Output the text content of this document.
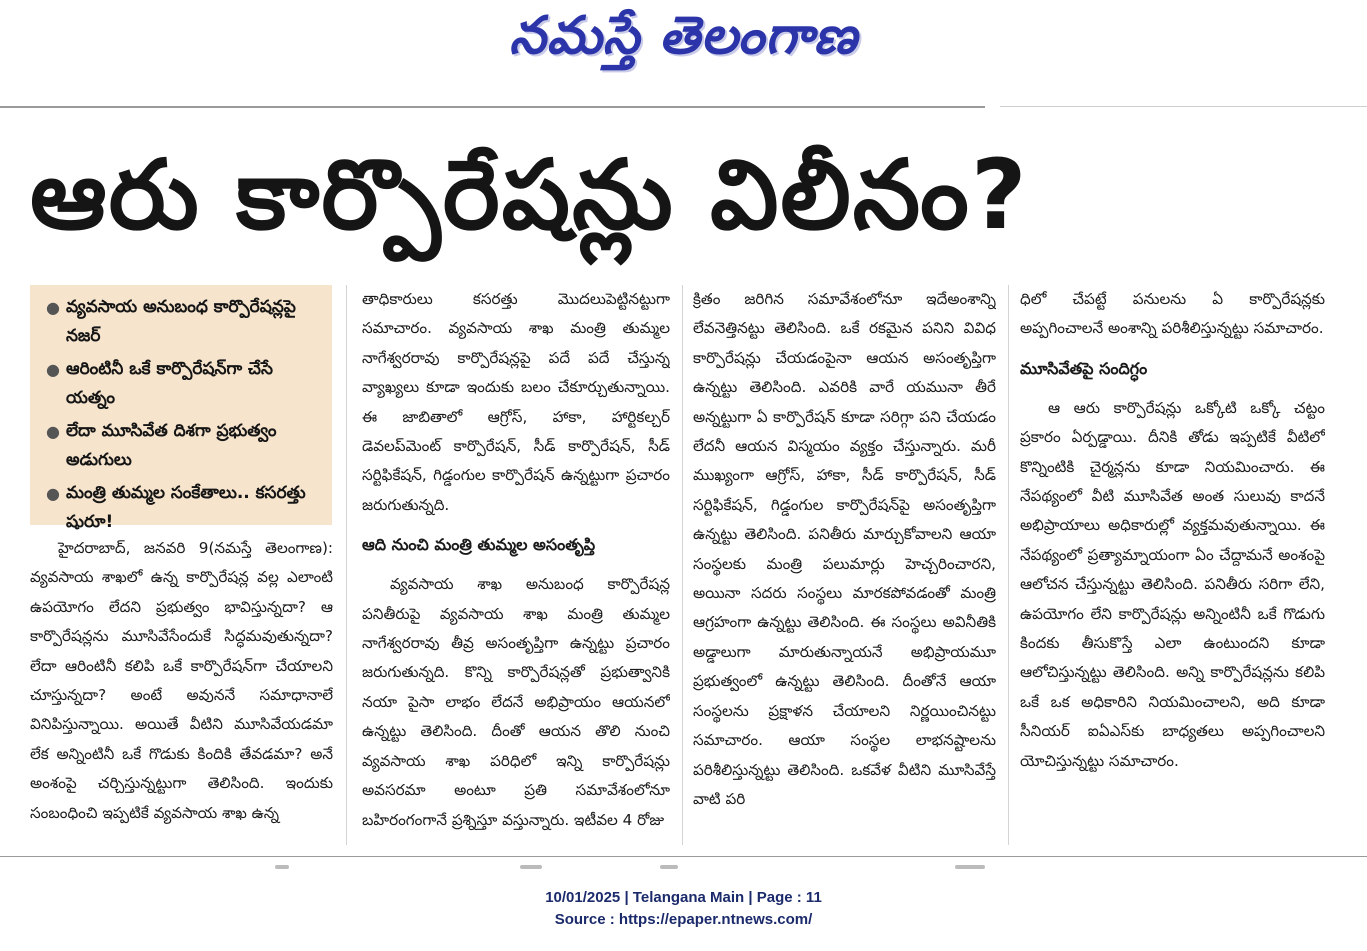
నమస్తే తెలంగాణ
ఆరు కార్పొరేషన్లు విలీనం?
● వ్యవసాయ అనుబంధ కార్పొరేషన్లపై నజర్
● ఆరింటినీ ఒకే కార్పొరేషన్‌గా చేసే యత్నం
● లేదా మూసివేత దిశగా ప్రభుత్వం అడుగులు
● మంత్రి తుమ్మల సంకేతాలు.. కసరత్తు షురూ!

హైదరాబాద్, జనవరి 9(నమస్తే తెలంగాణ): వ్యవసాయ శాఖలో ఉన్న కార్పొరేషన్ల వల్ల ఎలాంటి ఉపయోగం లేదని ప్రభుత్వం భావిస్తున్నదా? ఆ కార్పొరేషన్లను మూసివేసేందుకే సిద్ధమవుతున్నదా? లేదా ఆరింటినీ కలిపి ఒకే కార్పొరేషన్‌గా చేయాలని చూస్తున్నదా? అంటే అవుననే సమాధానాలే వినిపిస్తున్నాయి. అయితే వీటిని మూసివేయడమా లేక అన్నింటినీ ఒకే గొడుకు కిందికి తేవడమా? అనే అంశంపై చర్చిస్తున్నట్టుగా తెలిసింది. ఇందుకు సంబంధించి ఇప్పటికే వ్యవసాయ శాఖ ఉన్న

తాధికారులు కసరత్తు మొదలుపెట్టినట్టుగా సమాచారం. వ్యవసాయ శాఖ మంత్రి తుమ్మల నాగేశ్వరరావు కార్పొరేషన్లపై పదే పదే చేస్తున్న వ్యాఖ్యలు కూడా ఇందుకు బలం చేకూర్చుతున్నాయి. ఈ జాబితాలో ఆగ్రోస్, హాకా, హార్టికల్చర్ డెవలప్‌మెంట్ కార్పొరేషన్, సీడ్ కార్పొరేషన్, సీడ్ సర్టిఫికేషన్, గిడ్డంగుల కార్పొరేషన్ ఉన్నట్టుగా ప్రచారం జరుగుతున్నది.

ఆది నుంచి మంత్రి తుమ్మల అసంతృప్తి

వ్యవసాయ శాఖ అనుబంధ కార్పొరేషన్ల పనితీరుపై వ్యవసాయ శాఖ మంత్రి తుమ్మల నాగేశ్వరరావు తీవ్ర అసంతృప్తిగా ఉన్నట్టు ప్రచారం జరుగుతున్నది. కొన్ని కార్పొరేషన్లతో ప్రభుత్వానికి నయా పైసా లాభం లేదనే అభిప్రాయం ఆయనలో ఉన్నట్టు తెలిసింది. దీంతో ఆయన తొలి నుంచి వ్యవసాయ శాఖ పరిధిలో ఇన్ని కార్పొరేషన్లు అవసరమా అంటూ ప్రతి సమావేశంలోనూ బహిరంగంగానే ప్రశ్నిస్తూ వస్తున్నారు. ఇటీవల 4 రోజు

క్రితం జరిగిన సమావేశంలోనూ ఇదేఅంశాన్ని లేవనెత్తినట్టు తెలిసింది. ఒకే రకమైన పనిని వివిధ కార్పొరేషన్లు చేయడంపైనా ఆయన అసంతృప్తిగా ఉన్నట్టు తెలిసింది. ఎవరికి వారే యమునా తీరే అన్నట్టుగా ఏ కార్పొరేషన్ కూడా సరిగ్గా పని చేయడం లేదనీ ఆయన విస్మయం వ్యక్తం చేస్తున్నారు. మరీ ముఖ్యంగా ఆగ్రోస్, హాకా, సీడ్ కార్పొరేషన్, సీడ్ సర్టిఫికేషన్, గిడ్డంగుల కార్పొరేషన్‌పై అసంతృప్తిగా ఉన్నట్టు తెలిసింది. పనితీరు మార్చుకోవాలని ఆయా సంస్థలకు మంత్రి పలుమార్లు హెచ్చరించారని, అయినా సదరు సంస్థలు మారకపోవడంతో మంత్రి ఆగ్రహంగా ఉన్నట్టు తెలిసింది. ఈ సంస్థలు అవినీతికి అడ్డాలుగా మారుతున్నాయనే అభిప్రాయమూ ప్రభుత్వంలో ఉన్నట్టు తెలిసింది. దీంతోనే ఆయా సంస్థలను ప్రక్షాళన చేయాలని నిర్ణయించినట్టు సమాచారం. ఆయా సంస్థల లాభనష్టాలను పరిశీలిస్తున్నట్టు తెలిసింది. ఒకవేళ వీటిని మూసివేస్తే వాటి పరి

ధిలో చేపట్టే పనులను ఏ కార్పొరేషన్లకు అప్పగించాలనే అంశాన్ని పరిశీలిస్తున్నట్టు సమాచారం.

మూసివేతపై సందిగ్ధం

ఆ ఆరు కార్పొరేషన్లు ఒక్కోటి ఒక్కో చట్టం ప్రకారం ఏర్పడ్డాయి. దీనికి తోడు ఇప్పటికే వీటిలో కొన్నింటికి చైర్మన్లను కూడా నియమించారు. ఈ నేపథ్యంలో వీటి మూసివేత అంత సులువు కాదనే అభిప్రాయాలు అధికారుల్లో వ్యక్తమవుతున్నాయి. ఈ నేపథ్యంలో ప్రత్యామ్నాయంగా ఏం చేద్దామనే అంశంపై ఆలోచన చేస్తున్నట్టు తెలిసింది. పనితీరు సరిగా లేని, ఉపయోగం లేని కార్పొరేషన్లు అన్నింటినీ ఒకే గొడుగు కిందకు తీసుకొస్తే ఎలా ఉంటుందని కూడా ఆలోచిస్తున్నట్టు తెలిసింది. అన్ని కార్పొరేషన్లను కలిపి ఒకే ఒక అధికారిని నియమించాలని, అది కూడా సీనియర్ ఐఏఎస్‌కు బాధ్యతలు అప్పగించాలని యోచిస్తున్నట్టు సమాచారం.

10/01/2025 | Telangana Main | Page : 11
Source : https://epaper.ntnews.com/
